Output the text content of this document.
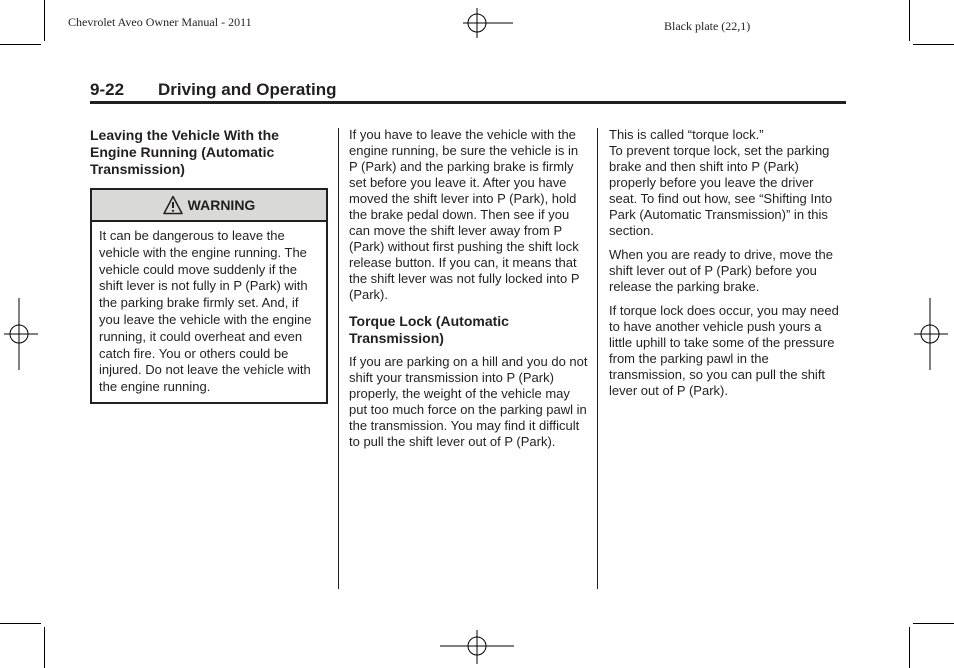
Chevrolet Aveo Owner Manual - 2011	Black plate (22,1)
9-22 Driving and Operating
Leaving the Vehicle With the Engine Running (Automatic Transmission)
WARNING
It can be dangerous to leave the vehicle with the engine running. The vehicle could move suddenly if the shift lever is not fully in P (Park) with the parking brake firmly set. And, if you leave the vehicle with the engine running, it could overheat and even catch fire. You or others could be injured. Do not leave the vehicle with the engine running.

If you have to leave the vehicle with the engine running, be sure the vehicle is in P (Park) and the parking brake is firmly set before you leave it. After you have moved the shift lever into P (Park), hold the brake pedal down. Then see if you can move the shift lever away from P (Park) without first pushing the shift lock release button. If you can, it means that the shift lever was not fully locked into P (Park).

Torque Lock (Automatic Transmission)

If you are parking on a hill and you do not shift your transmission into P (Park) properly, the weight of the vehicle may put too much force on the parking pawl in the transmission. You may find it difficult to pull the shift lever out of P (Park).

This is called “torque lock.”

To prevent torque lock, set the parking brake and then shift into P (Park) properly before you leave the driver seat. To find out how, see “Shifting Into Park (Automatic Transmission)” in this section.

When you are ready to drive, move the shift lever out of P (Park) before you release the parking brake.

If torque lock does occur, you may need to have another vehicle push yours a little uphill to take some of the pressure from the parking pawl in the transmission, so you can pull the shift lever out of P (Park).
